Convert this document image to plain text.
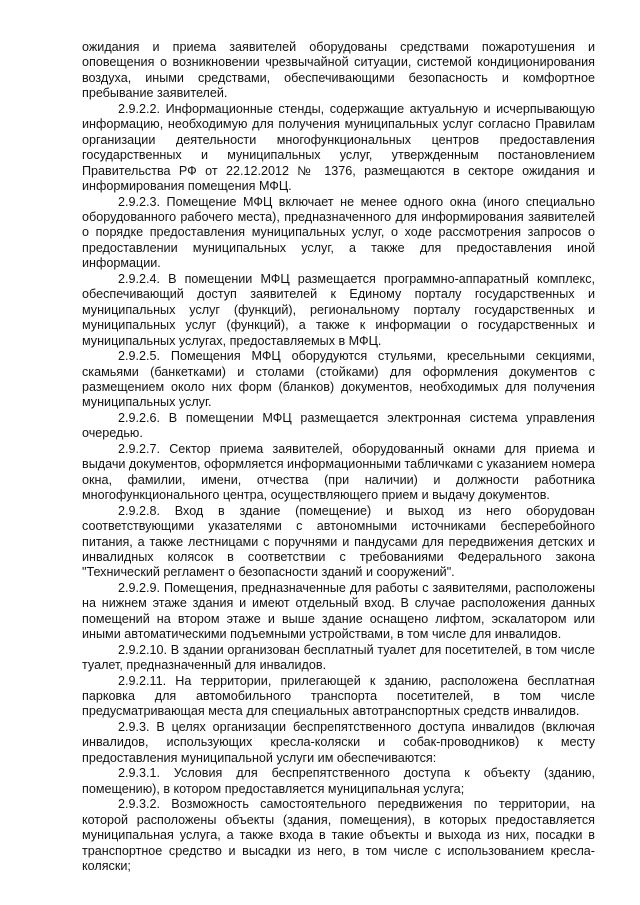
ожидания и приема заявителей оборудованы средствами пожаротушения и оповещения о возникновении чрезвычайной ситуации, системой кондиционирования воздуха, иными средствами, обеспечивающими безопасность и комфортное пребывание заявителей.

2.9.2.2. Информационные стенды, содержащие актуальную и исчерпывающую информацию, необходимую для получения муниципальных услуг согласно Правилам организации деятельности многофункциональных центров предоставления государственных и муниципальных услуг, утвержденным постановлением Правительства РФ от 22.12.2012 № 1376, размещаются в секторе ожидания и информирования помещения МФЦ.

2.9.2.3. Помещение МФЦ включает не менее одного окна (иного специально оборудованного рабочего места), предназначенного для информирования заявителей о порядке предоставления муниципальных услуг, о ходе рассмотрения запросов о предоставлении муниципальных услуг, а также для предоставления иной информации.

2.9.2.4. В помещении МФЦ размещается программно-аппаратный комплекс, обеспечивающий доступ заявителей к Единому порталу государственных и муниципальных услуг (функций), региональному порталу государственных и муниципальных услуг (функций), а также к информации о государственных и муниципальных услугах, предоставляемых в МФЦ.

2.9.2.5. Помещения МФЦ оборудуются стульями, кресельными секциями, скамьями (банкетками) и столами (стойками) для оформления документов с размещением около них форм (бланков) документов, необходимых для получения муниципальных услуг.

2.9.2.6. В помещении МФЦ размещается электронная система управления очередью.

2.9.2.7. Сектор приема заявителей, оборудованный окнами для приема и выдачи документов, оформляется информационными табличками с указанием номера окна, фамилии, имени, отчества (при наличии) и должности работника многофункционального центра, осуществляющего прием и выдачу документов.

2.9.2.8. Вход в здание (помещение) и выход из него оборудован соответствующими указателями с автономными источниками бесперебойного питания, а также лестницами с поручнями и пандусами для передвижения детских и инвалидных колясок в соответствии с требованиями Федерального закона "Технический регламент о безопасности зданий и сооружений".

2.9.2.9. Помещения, предназначенные для работы с заявителями, расположены на нижнем этаже здания и имеют отдельный вход. В случае расположения данных помещений на втором этаже и выше здание оснащено лифтом, эскалатором или иными автоматическими подъемными устройствами, в том числе для инвалидов.

2.9.2.10. В здании организован бесплатный туалет для посетителей, в том числе туалет, предназначенный для инвалидов.

2.9.2.11. На территории, прилегающей к зданию, расположена бесплатная парковка для автомобильного транспорта посетителей, в том числе предусматривающая места для специальных автотранспортных средств инвалидов.

2.9.3. В целях организации беспрепятственного доступа инвалидов (включая инвалидов, использующих кресла-коляски и собак-проводников) к месту предоставления муниципальной услуги им обеспечиваются:

2.9.3.1. Условия для беспрепятственного доступа к объекту (зданию, помещению), в котором предоставляется муниципальная услуга;

2.9.3.2. Возможность самостоятельного передвижения по территории, на которой расположены объекты (здания, помещения), в которых предоставляется муниципальная услуга, а также входа в такие объекты и выхода из них, посадки в транспортное средство и высадки из него, в том числе с использованием кресла-коляски;
